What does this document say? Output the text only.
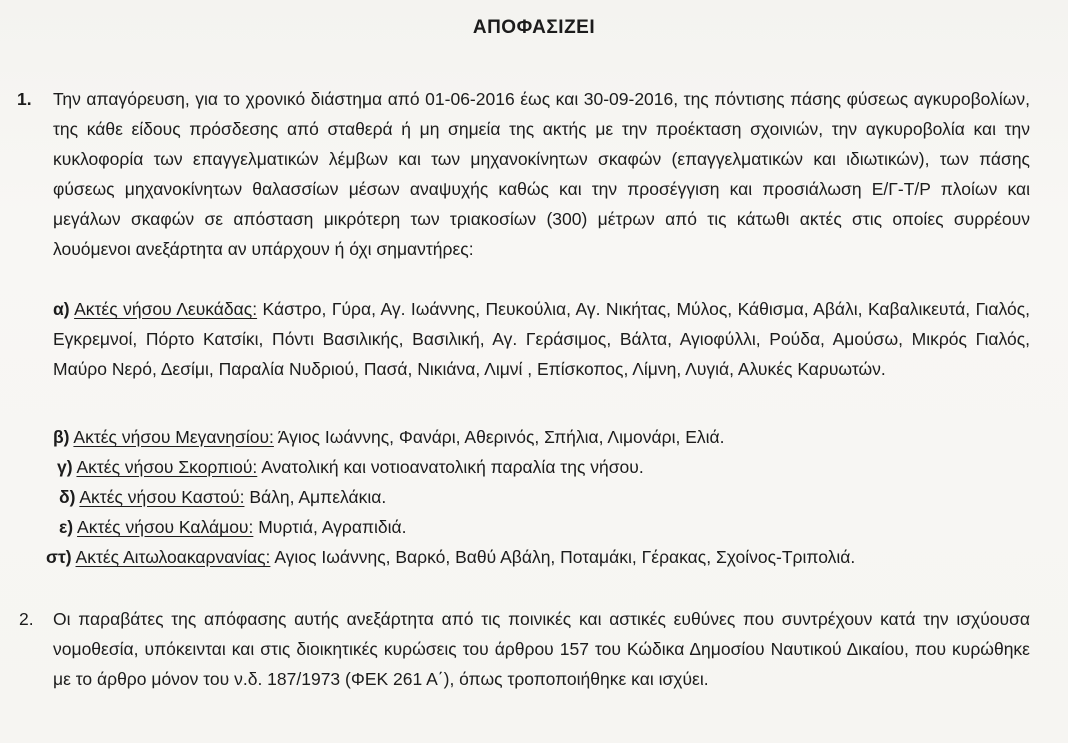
ΑΠΟΦΑΣΙΖΕΙ
1. Την απαγόρευση, για το χρονικό διάστημα από 01-06-2016 έως και 30-09-2016, της πόντισης πάσης φύσεως αγκυροβολίων, της κάθε είδους πρόσδεσης από σταθερά ή μη σημεία της ακτής με την προέκταση σχοινιών, την αγκυροβολία και την κυκλοφορία των επαγγελματικών λέμβων και των μηχανοκίνητων σκαφών (επαγγελματικών και ιδιωτικών), των πάσης φύσεως μηχανοκίνητων θαλασσίων μέσων αναψυχής καθώς και την προσέγγιση και προσιάλωση Ε/Γ-Τ/Ρ πλοίων και μεγάλων σκαφών σε απόσταση μικρότερη των τριακοσίων (300) μέτρων από τις κάτωθι ακτές στις οποίες συρρέουν λουόμενοι ανεξάρτητα αν υπάρχουν ή όχι σημαντήρες:
α) Ακτές νήσου Λευκάδας: Κάστρο, Γύρα, Αγ. Ιωάννης, Πευκούλια, Αγ. Νικήτας, Μύλος, Κάθισμα, Αβάλι, Καβαλικευτά, Γιαλός, Εγκρεμνοί, Πόρτο Κατσίκι, Πόντι Βασιλικής, Βασιλική, Αγ. Γεράσιμος, Βάλτα, Αγιοφύλλι, Ρούδα, Αμούσω, Μικρός Γιαλός, Μαύρο Νερό, Δεσίμι, Παραλία Νυδριού, Πασά, Νικιάνα, Λιμνί , Επίσκοπος, Λίμνη, Λυγιά, Αλυκές Καρυωτών.
β) Ακτές νήσου Μεγανησίου: Άγιος Ιωάννης, Φανάρι, Αθερινός, Σπήλια, Λιμονάρι, Ελιά.
γ) Ακτές νήσου Σκορπιού: Ανατολική και νοτιοανατολική παραλία της νήσου.
δ) Ακτές νήσου Καστού: Βάλη, Αμπελάκια.
ε) Ακτές νήσου Καλάμου: Μυρτιά, Αγραπιδιά.
στ) Ακτές Αιτωλοακαρνανίας: Αγιος Ιωάννης, Βαρκό, Βαθύ Αβάλη, Ποταμάκι, Γέρακας, Σχοίνος-Τριπολιά.
2. Οι παραβάτες της απόφασης αυτής ανεξάρτητα από τις ποινικές και αστικές ευθύνες που συντρέχουν κατά την ισχύουσα νομοθεσία, υπόκεινται και στις διοικητικές κυρώσεις του άρθρου 157 του Κώδικα Δημοσίου Ναυτικού Δικαίου, που κυρώθηκε με το άρθρο μόνον του ν.δ. 187/1973 (ΦΕΚ 261 Α΄), όπως τροποποιήθηκε και ισχύει.
